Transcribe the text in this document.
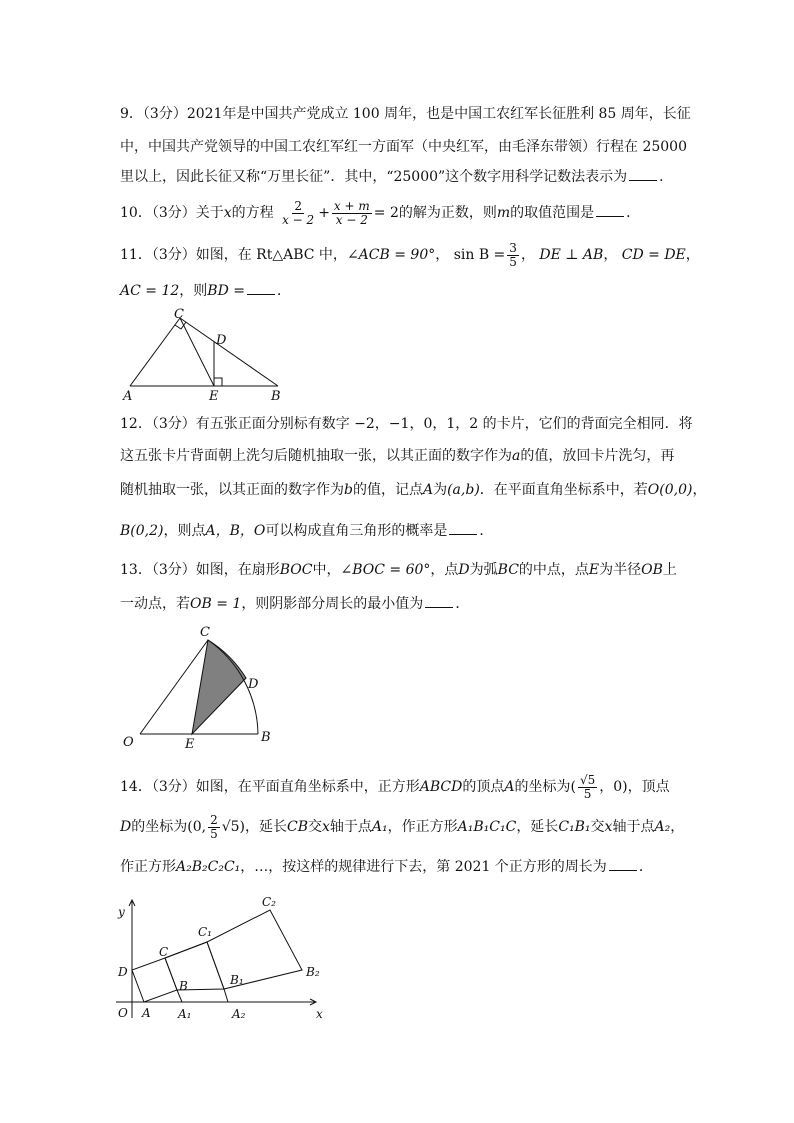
9．（3分）2021年是中国共产党成立 100 周年，也是中国工农红军长征胜利 85 周年，长征
中，中国共产党领导的中国工农红军红一方面军（中央红军，由毛泽东带领）行程在 25000
里以上，因此长征又称“万里长征”．其中，“25000”这个数字用科学记数法表示为 ．
10．（3分）关于x的方程 $\frac{2}{x - 2} + \frac{x + m}{x - 2} = 2$的解为正数，则m的取值范围是 ．
11．（3分）如图，在 Rt△ABC 中，∠ACB = 90°， $\sin B = \frac{3}{5}$ ， DE ⊥ AB， CD = DE，
AC = 12，则BD = ．
C
D
A	E	B
12．（3分）有五张正面分别标有数字 −2，−1，0，1，2 的卡片，它们的背面完全相同．将
这五张卡片背面朝上洗匀后随机抽取一张，以其正面的数字作为a的值，放回卡片洗匀，再
随机抽取一张，以其正面的数字作为b的值，记点A为(a,b)．在平面直角坐标系中，若O(0,0)，
B(0,2)，则点A，B，O可以构成直角三角形的概率是 ．
13．（3分）如图，在扇形BOC中，∠BOC = 60°，点D为弧BC的中点，点E为半径OB上
一动点，若OB = 1，则阴影部分周长的最小值为 ．
C
D
O	E	B
14．（3分）如图，在平面直角坐标系中，正方形ABCD的顶点A的坐标为( $\frac{√5}{5}$ ，0)，顶点
D的坐标为(0, $\frac{2}{5} √5$)，延长CB交x轴于点A₁，作正方形A₁B₁C₁C，延长C₁B₁交x轴于点A₂，
作正方形A₂B₂C₂C₁，…，按这样的规律进行下去，第 2021 个正方形的周长为 ．
y
x
O A A₁	A₂
D
C
B
C₁
B₁
C₂
B₂
